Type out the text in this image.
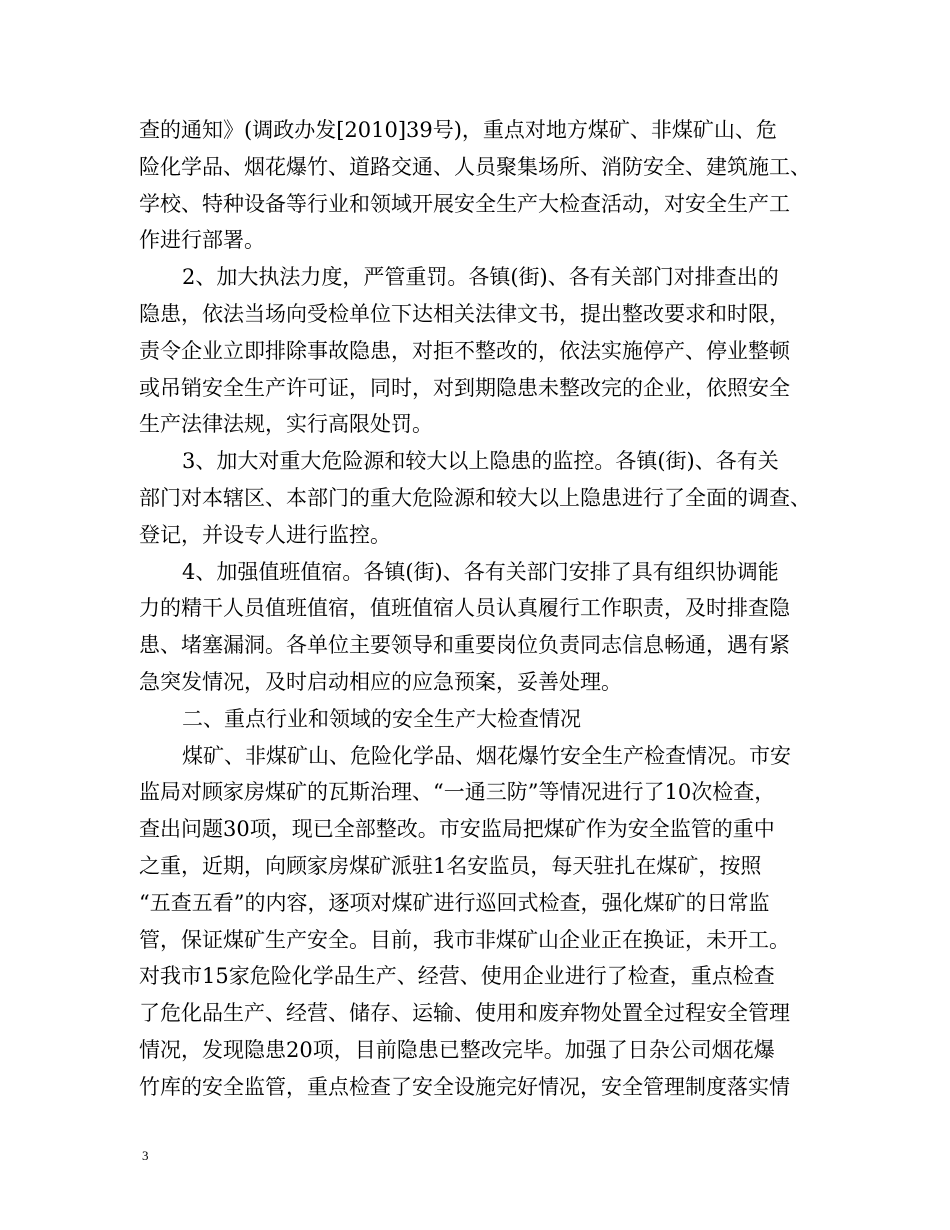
查的通知》(调政办发[2010]39号)，重点对地方煤矿、非煤矿山、危
险化学品、烟花爆竹、道路交通、人员聚集场所、消防安全、建筑施工、
学校、特种设备等行业和领域开展安全生产大检查活动，对安全生产工
作进行部署。
2、加大执法力度，严管重罚。各镇(街)、各有关部门对排查出的
隐患，依法当场向受检单位下达相关法律文书，提出整改要求和时限，
责令企业立即排除事故隐患，对拒不整改的，依法实施停产、停业整顿
或吊销安全生产许可证，同时，对到期隐患未整改完的企业，依照安全
生产法律法规，实行高限处罚。
3、加大对重大危险源和较大以上隐患的监控。各镇(街)、各有关
部门对本辖区、本部门的重大危险源和较大以上隐患进行了全面的调查、
登记，并设专人进行监控。
4、加强值班值宿。各镇(街)、各有关部门安排了具有组织协调能
力的精干人员值班值宿，值班值宿人员认真履行工作职责，及时排查隐
患、堵塞漏洞。各单位主要领导和重要岗位负责同志信息畅通，遇有紧
急突发情况，及时启动相应的应急预案，妥善处理。
二、重点行业和领域的安全生产大检查情况
煤矿、非煤矿山、危险化学品、烟花爆竹安全生产检查情况。市安
监局对顾家房煤矿的瓦斯治理、“一通三防”等情况进行了10次检查，
查出问题30项，现已全部整改。市安监局把煤矿作为安全监管的重中
之重，近期，向顾家房煤矿派驻1名安监员，每天驻扎在煤矿，按照
“五查五看”的内容，逐项对煤矿进行巡回式检查，强化煤矿的日常监
管，保证煤矿生产安全。目前，我市非煤矿山企业正在换证，未开工。
对我市15家危险化学品生产、经营、使用企业进行了检查，重点检查
了危化品生产、经营、储存、运输、使用和废弃物处置全过程安全管理
情况，发现隐患20项，目前隐患已整改完毕。加强了日杂公司烟花爆
竹库的安全监管，重点检查了安全设施完好情况，安全管理制度落实情
3
